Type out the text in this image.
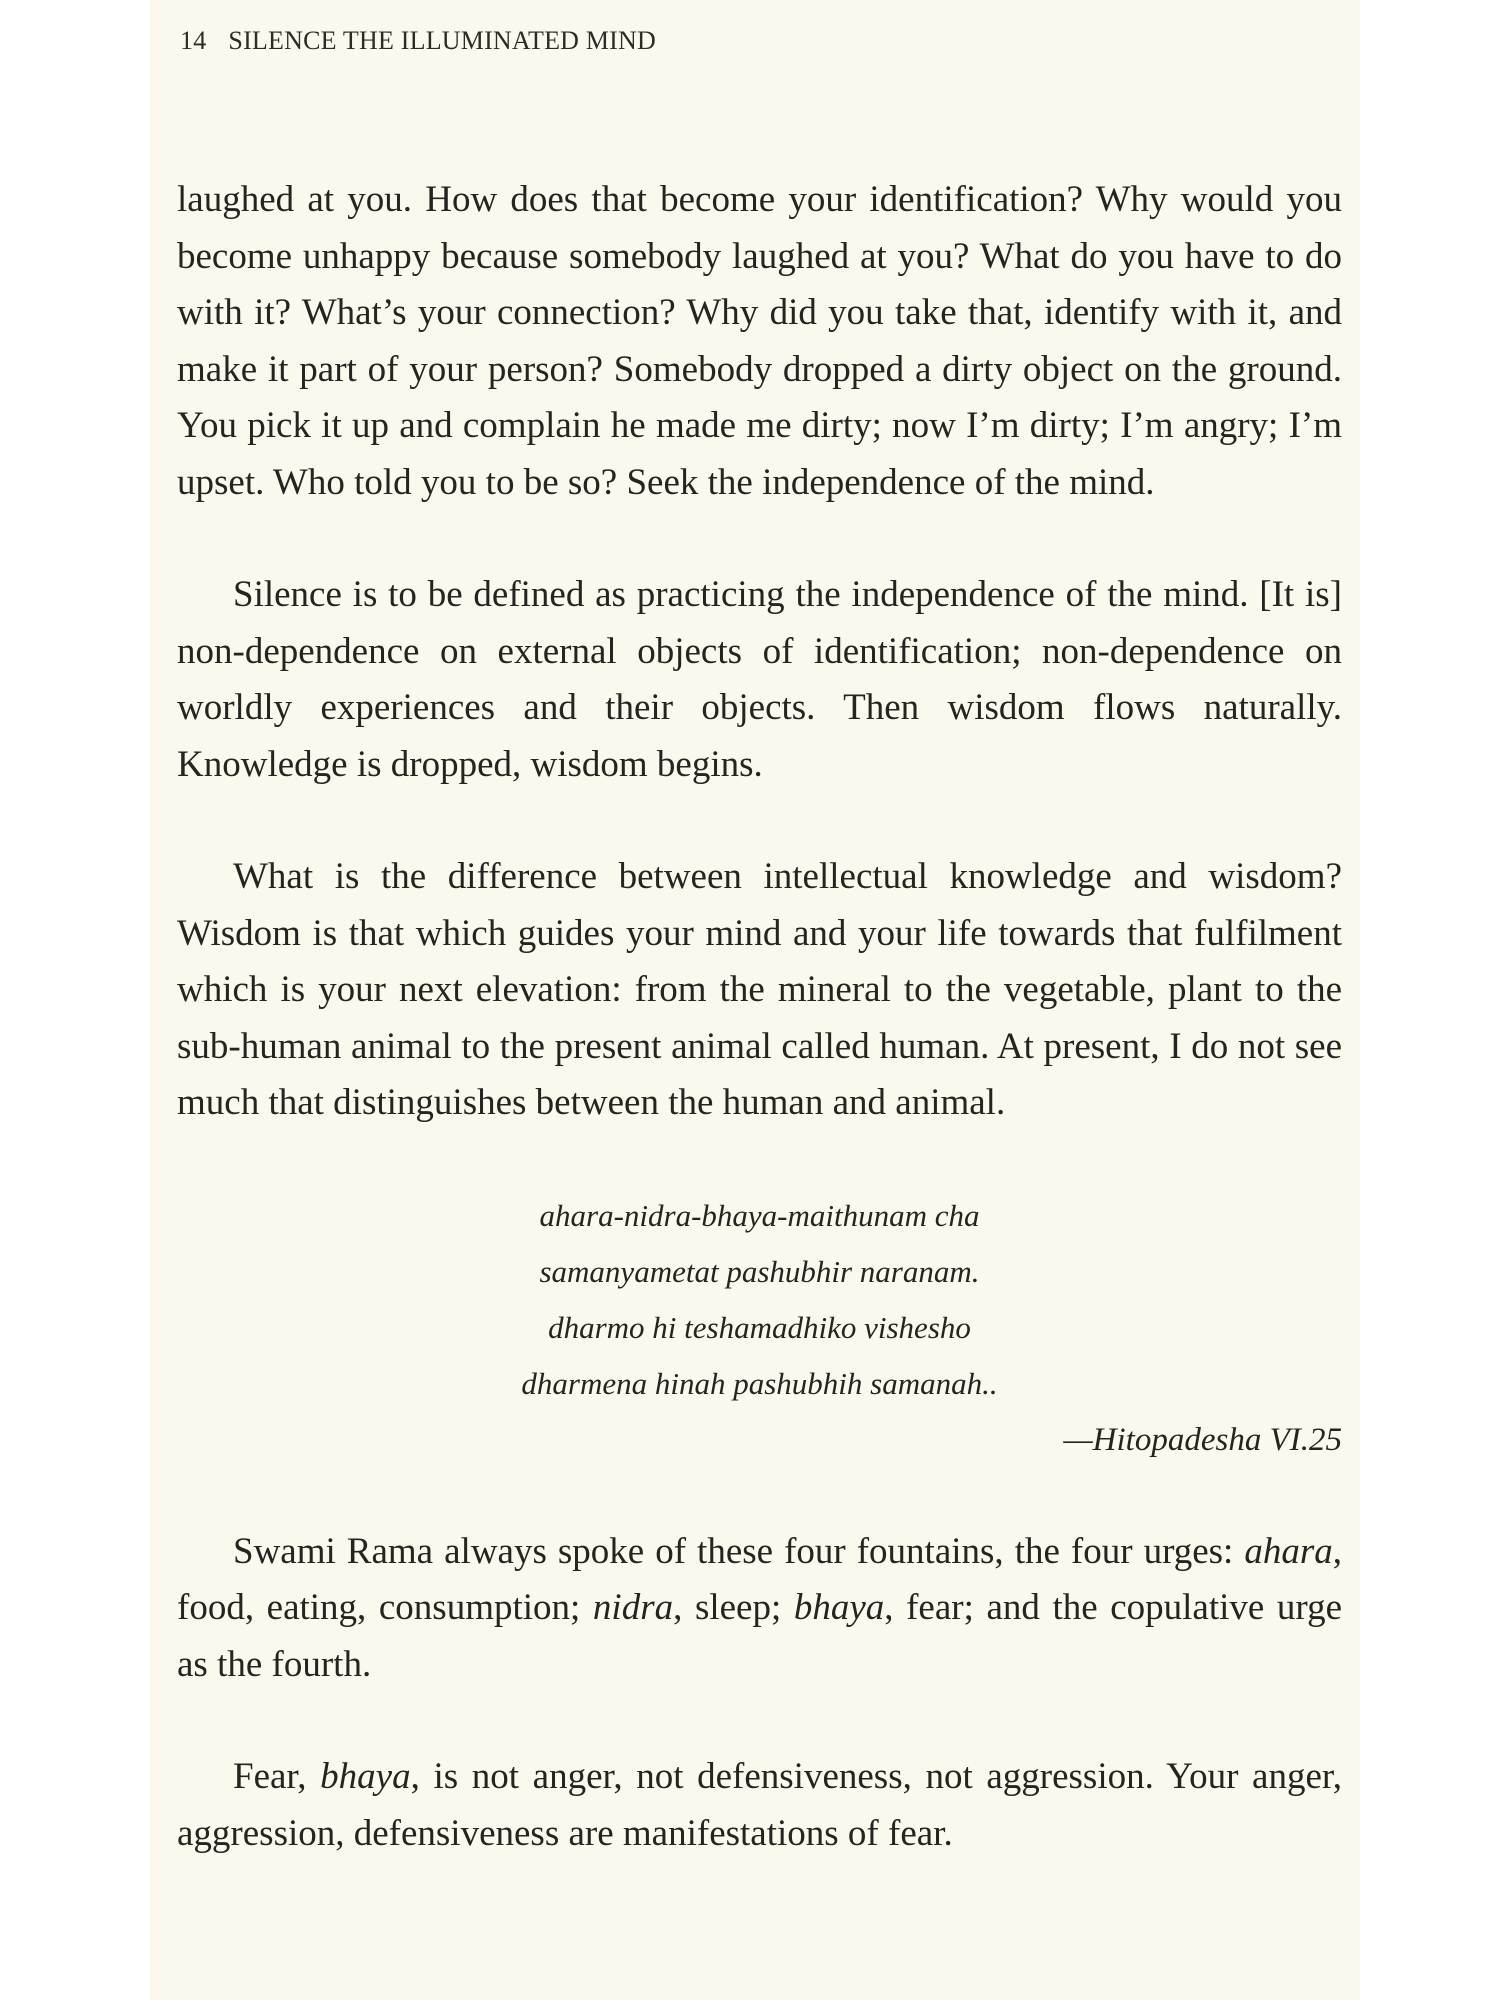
14 SILENCE THE ILLUMINATED MIND

laughed at you. How does that become your identification? Why would you become unhappy because somebody laughed at you? What do you have to do with it? What’s your connection? Why did you take that, identify with it, and make it part of your person? Somebody dropped a dirty object on the ground. You pick it up and complain he made me dirty; now I’m dirty; I’m angry; I’m upset. Who told you to be so? Seek the independence of the mind.

Silence is to be defined as practicing the independence of the mind. [It is] non-dependence on external objects of identification; non-dependence on worldly experiences and their objects. Then wisdom flows naturally. Knowledge is dropped, wisdom begins.

What is the difference between intellectual knowledge and wisdom? Wisdom is that which guides your mind and your life towards that fulfilment which is your next elevation: from the mineral to the vegetable, plant to the sub-human animal to the present animal called human. At present, I do not see much that distinguishes between the human and animal.

ahara-nidra-bhaya-maithunam cha
samanyametat pashubhir naranam.
dharmo hi teshamadhiko vishesho
dharmena hinah pashubhih samanah..
—Hitopadesha VI.25

Swami Rama always spoke of these four fountains, the four urges: ahara, food, eating, consumption; nidra, sleep; bhaya, fear; and the copulative urge as the fourth.

Fear, bhaya, is not anger, not defensiveness, not aggression. Your anger, aggression, defensiveness are manifestations of fear.
